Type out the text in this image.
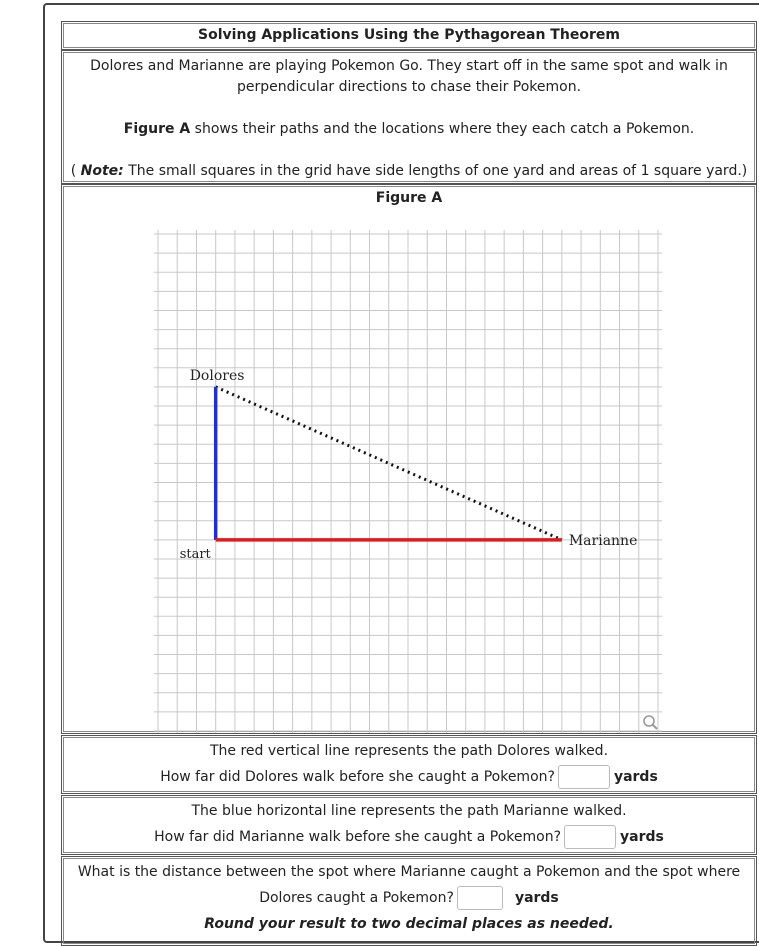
Solving Applications Using the Pythagorean Theorem

Dolores and Marianne are playing Pokemon Go. They start off in the same spot and walk in

perpendicular directions to chase their Pokemon.

Figure A shows their paths and the locations where they each catch a Pokemon.

( Note: The small squares in the grid have side lengths of one yard and areas of 1 square yard.)

Figure A
Dolores
Marianne
start
The red vertical line represents the path Dolores walked.
How far did Dolores walk before she caught a Pokemon?	yards
The blue horizontal line represents the path Marianne walked.
How far did Marianne walk before she caught a Pokemon?	yards
What is the distance between the spot where Marianne caught a Pokemon and the spot where
Dolores caught a Pokemon?	yards
Round your result to two decimal places as needed.
